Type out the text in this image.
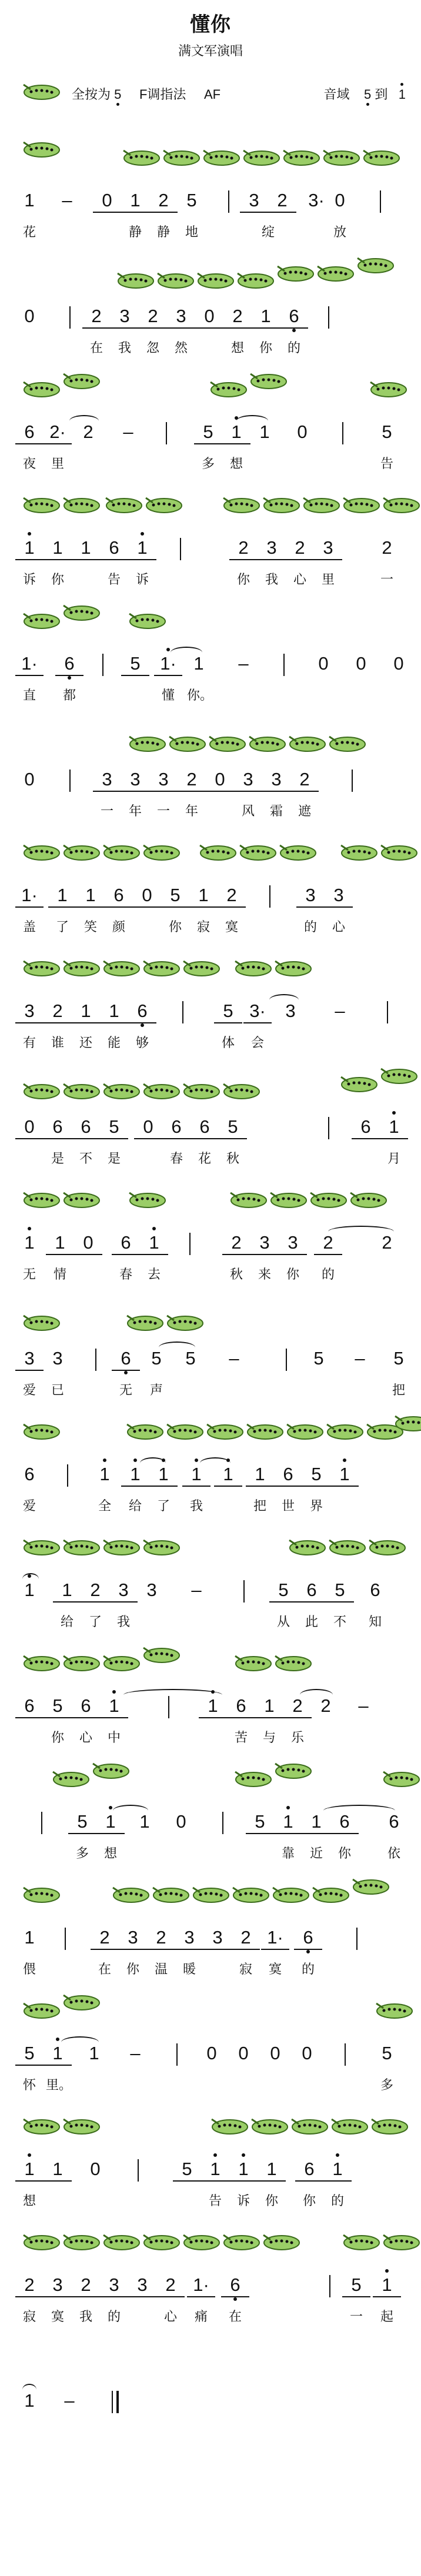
懂你
满文军演唱
全按为 5 F调指法 AF	音域 5 到 1
1	–	0 1 2 5	3 2	3· 0
花	静	静	地	绽	放
0	2 3 2 3 0 2 1 6
在	我	忽	然	想	你	的
6 2· 2	–	5 1 1	0	5
夜	里	多	想	告
1 1 1 6 1	2 3 2 3	2
诉	你	告	诉	你	我	心	里	一
1·	6	5	1· 1	–	0	0	0
直	都	懂 你。
0	3 3 3 2 0 3 3 2
一	年	一	年	风	霜	遮
1·	1 1 6 0 5 1 2	3 3
盖	了	笑	颜	你	寂	寞	的	心
3 2 1 1 6	5 3·	3	–
有	谁	还	能	够	体	会
0 6 6 5	0 6 6 5	6 1
是	不	是	春	花	秋	月
1	1 0	6 1	2 3 3	2	2
无	情	春	去	秋	来	你	的
3 3	6	5	5	–	5	–	5
爱	已	无	声	把
6	1	1 1	1	1	1 6 5 1
爱	全	给	了	我	把	世	界
1	1 2 3 3	–	5 6 5	6
给	了	我	从	此	不	知
6 5 6 1	1 6 1 2 2	–
你	心	中	苦	与	乐
5 1	1	0	5 1 1 6	6
多	想	靠	近	你	依
1	2 3 2 3 3 2 1·	6
偎	在	你	温	暖	寂	寞	的
5 1	1	–	0	0	0	0	5
怀 里。	多
1 1	0	5 1 1 1	6 1
想	告	诉	你	你	的
2 3 2 3 3 2 1·	6	5	1
寂	寞	我	的	心	痛	在	一	起
1	–
